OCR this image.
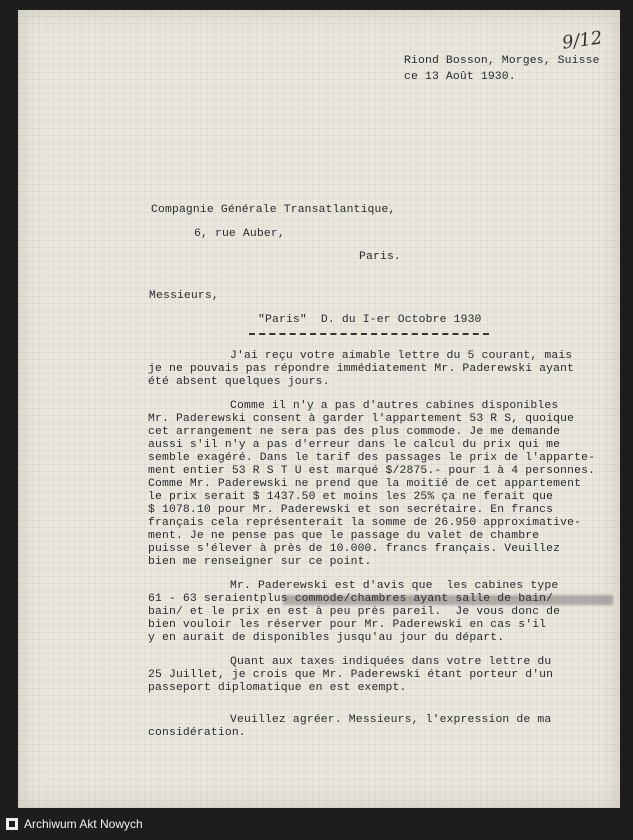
9/12
Riond Bosson, Morges, Suisse
ce 13 Août 1930.
Compagnie Générale Transatlantique,
6, rue Auber,
Paris.
Messieurs,
"Paris"  D. du I-er Octobre 1930
J'ai reçu votre aimable lettre du 5 courant, mais
je ne pouvais pas répondre immédiatement Mr. Paderewski ayant
été absent quelques jours.
Comme il n'y a pas d'autres cabines disponibles
Mr. Paderewski consent à garder l'appartement 53 R S, quoique
cet arrangement ne sera pas des plus commode. Je me demande
aussi s'il n'y a pas d'erreur dans le calcul du prix qui me
semble exagéré. Dans le tarif des passages le prix de l'apparte-
ment entier 53 R S T U est marqué $/2875.- pour 1 à 4 personnes.
Comme Mr. Paderewski ne prend que la moitié de cet appartement
le prix serait $ 1437.50 et moins les 25% ça ne ferait que
$ 1078.10 pour Mr. Paderewski et son secrétaire. En francs
français cela représenterait la somme de 26.950 approximative-
ment. Je ne pense pas que le passage du valet de chambre
puisse s'élever à près de 10.000. francs français. Veuillez
bien me renseigner sur ce point.
Mr. Paderewski est d'avis que  les cabines type
61 - 63 seraientplus commode/chambres ayant salle de bain/
bain/ et le prix en est à peu près pareil.  Je vous donc de
bien vouloir les réserver pour Mr. Paderewski en cas s'il
y en aurait de disponibles jusqu'au jour du départ.
Quant aux taxes indiquées dans votre lettre du
25 Juillet, je crois que Mr. Paderewski étant porteur d'un
passeport diplomatique en est exempt.
Veuillez agréer. Messieurs, l'expression de ma
considération.
Archiwum Akt Nowych
